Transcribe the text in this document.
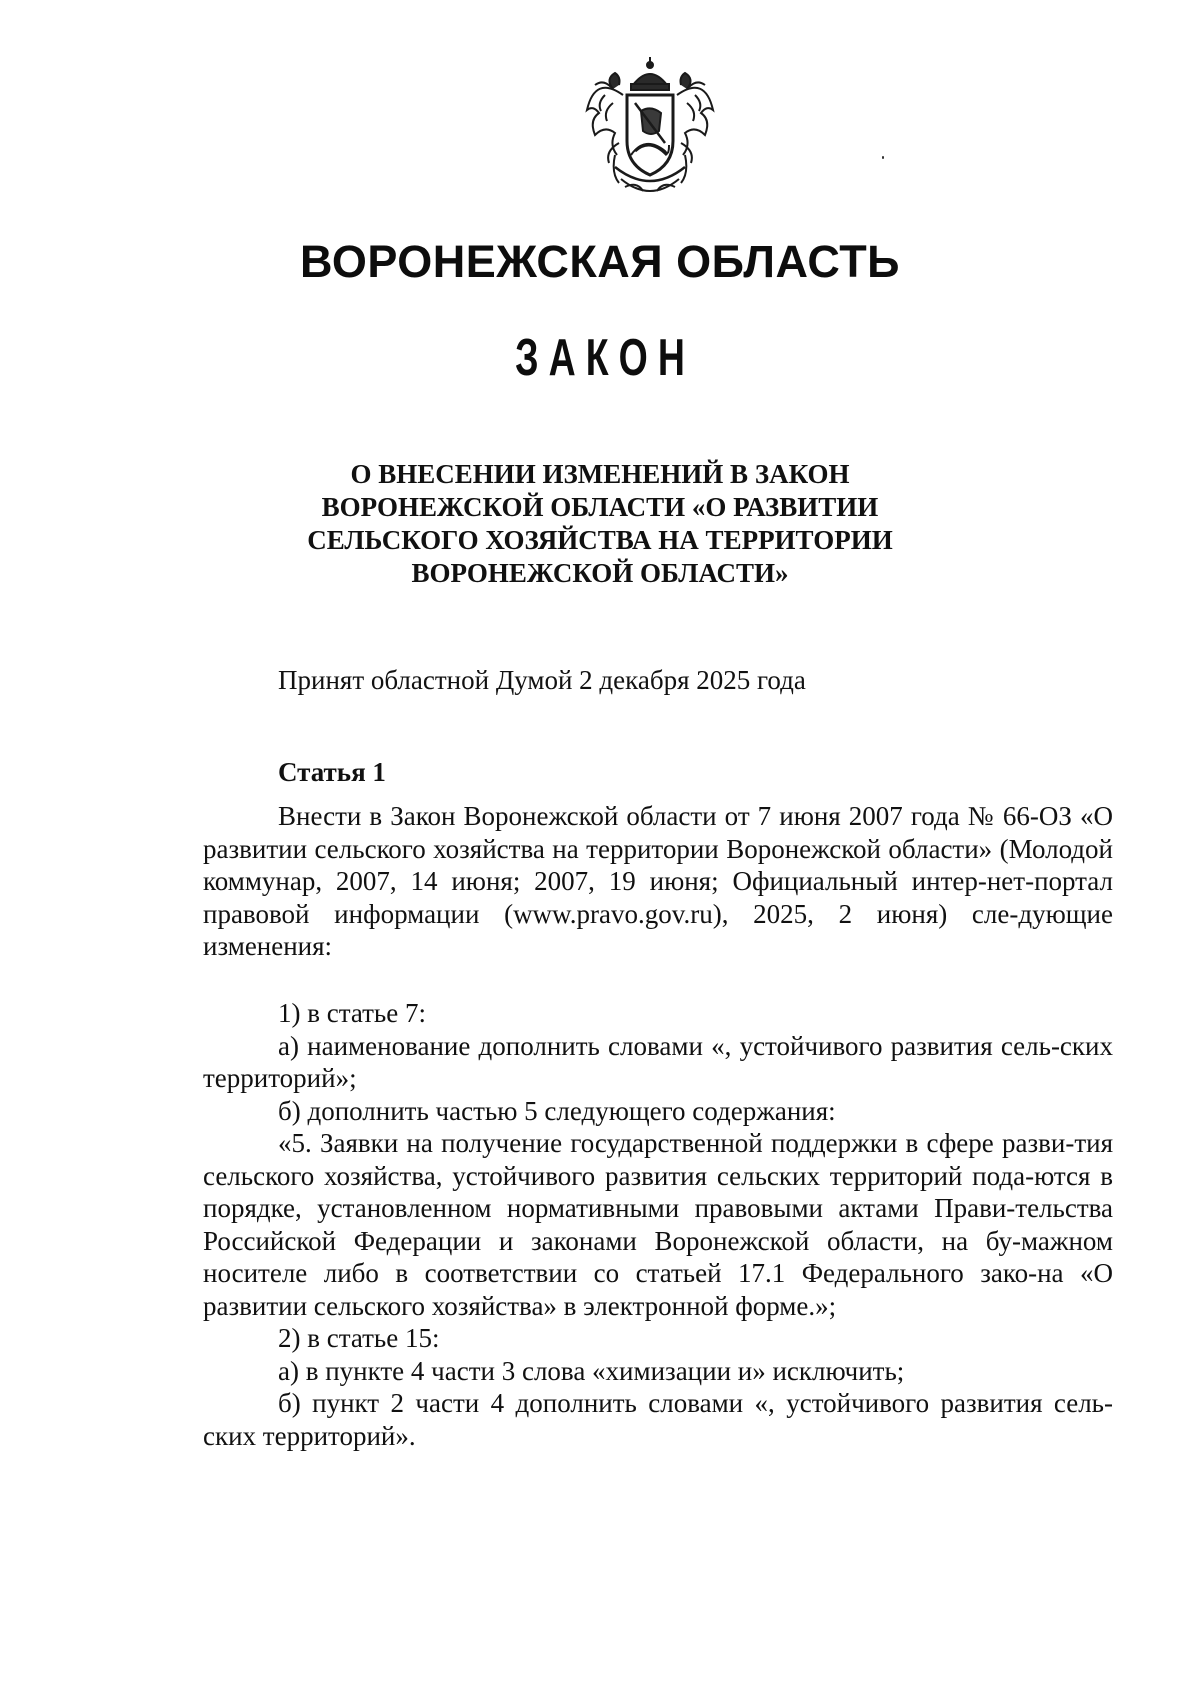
ВОРОНЕЖСКАЯ ОБЛАСТЬ
ЗАКОН
О ВНЕСЕНИИ ИЗМЕНЕНИЙ В ЗАКОН
ВОРОНЕЖСКОЙ ОБЛАСТИ «О РАЗВИТИИ
СЕЛЬСКОГО ХОЗЯЙСТВА НА ТЕРРИТОРИИ
ВОРОНЕЖСКОЙ ОБЛАСТИ»

Принят областной Думой 2 декабря 2025 года

Статья 1

Внести в Закон Воронежской области от 7 июня 2007 года № 66-ОЗ «О развитии сельского хозяйства на территории Воронежской области» (Молодой коммунар, 2007, 14 июня; 2007, 19 июня; Официальный интер-нет-портал правовой информации (www.pravo.gov.ru), 2025, 2 июня) сле-дующие изменения:

1) в статье 7:

а) наименование дополнить словами «, устойчивого развития сель-ских территорий»;

б) дополнить частью 5 следующего содержания:

«5. Заявки на получение государственной поддержки в сфере разви-тия сельского хозяйства, устойчивого развития сельских территорий пода-ются в порядке, установленном нормативными правовыми актами Прави-тельства Российской Федерации и законами Воронежской области, на бу-мажном носителе либо в соответствии со статьей 17.1 Федерального зако-на «О развитии сельского хозяйства» в электронной форме.»;

2) в статье 15:

а) в пункте 4 части 3 слова «химизации и» исключить;

б) пункт 2 части 4 дополнить словами «, устойчивого развития сель-ских территорий».
